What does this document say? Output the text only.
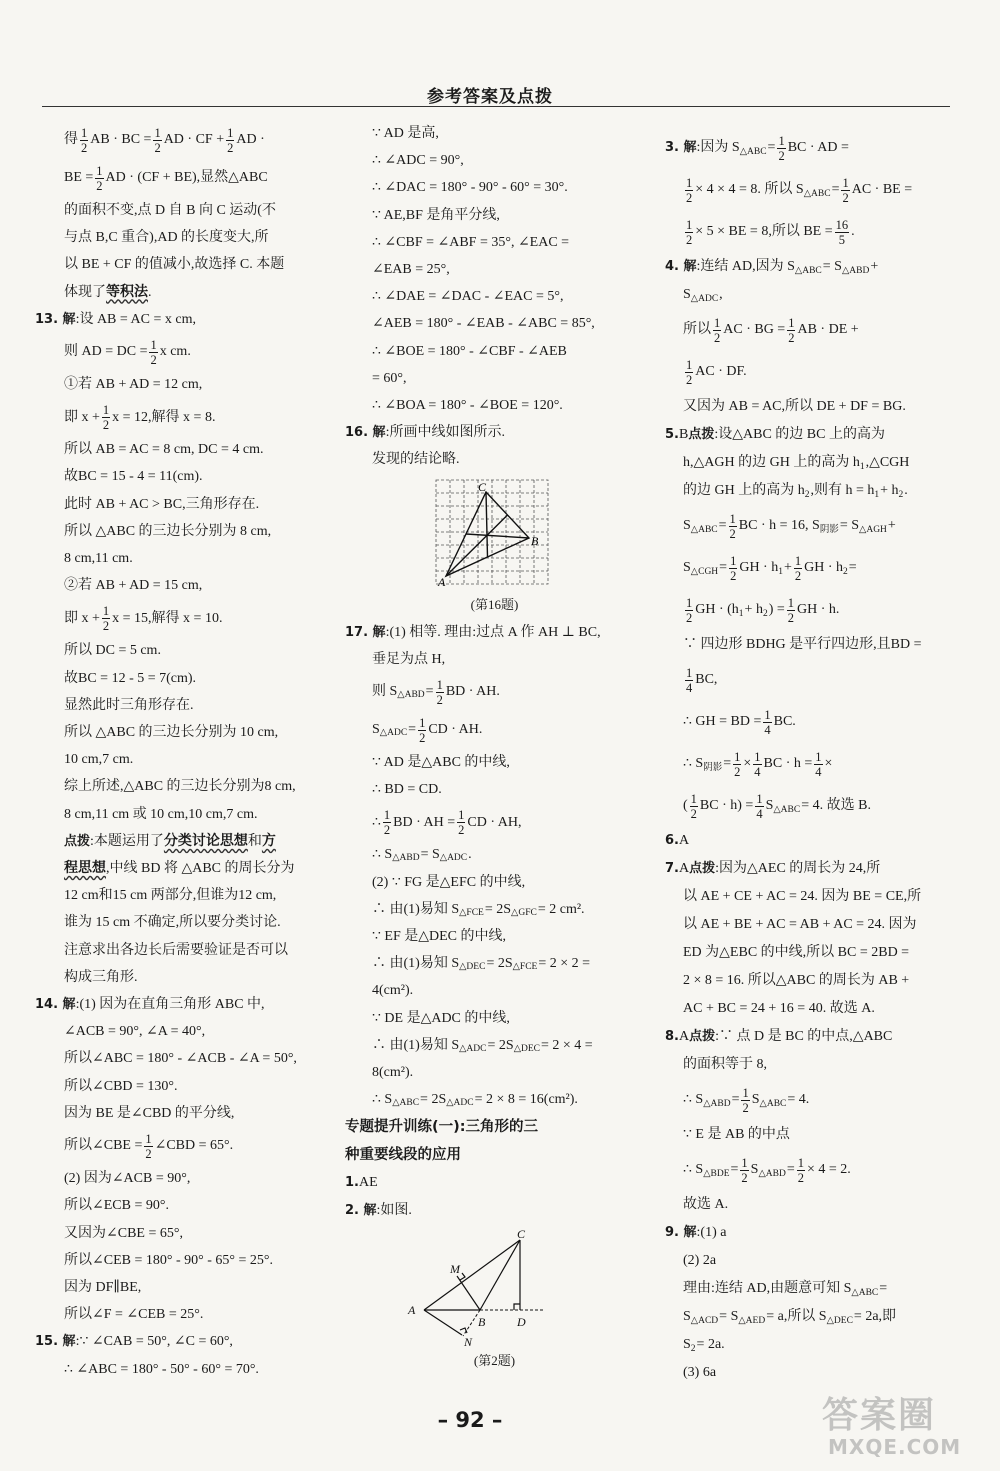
参考答案及点拨
得 $\frac{1}{2}$ AB · BC = $\frac{1}{2}$ AD · CF + $\frac{1}{2}$ AD ·
BE = $\frac{1}{2}$ AD · (CF + BE),显然△ABC
的面积不变,点 D 自 B 向 C 运动(不
与点 B,C 重合),AD 的长度变大,所
以 BE + CF 的值减小,故选择 C. 本题
体现了 等积法 .
13. 解 :设 AB = AC = x cm,
则 AD = DC = $\frac{1}{2}$ x cm.
①若 AB + AD = 12 cm,
即 $x + \frac{1}{2}$ x = 12,解得 x = 8.
所以 AB = AC = 8 cm, DC = 4 cm.
故BC = 15 - 4 = 11(cm).
此时 AB + AC > BC,三角形存在.
所以 △ABC 的三边长分别为 8 cm,
8 cm,11 cm.
②若 AB + AD = 15 cm,
即 $x + \frac{1}{2}$ x = 15,解得 x = 10.
所以 DC = 5 cm.
故BC = 12 - 5 = 7(cm).
显然此时三角形存在.
所以 △ABC 的三边长分别为 10 cm,
10 cm,7 cm.
综上所述,△ABC 的三边长分别为8 cm,
8 cm,11 cm 或 10 cm,10 cm,7 cm.
点拨 :本题运用了 分类讨论思想 和 方
程思想 ,中线 BD 将 △ABC 的周长分为
12 cm和15 cm 两部分,但谁为12 cm,
谁为 15 cm 不确定,所以要分类讨论.
注意求出各边长后需要验证是否可以
构成三角形.
14. 解 :(1) 因为在直角三角形 ABC 中,
∠ACB = 90°, ∠A = 40°,
所以∠ABC = 180° - ∠ACB - ∠A = 50°,
所以∠CBD = 130°.
因为 BE 是∠CBD 的平分线,
所以∠CBE = $\frac{1}{2}$ ∠CBD = 65°.
(2) 因为∠ACB = 90°,
所以∠ECB = 90°.
又因为∠CBE = 65°,
所以∠CEB = 180° - 90° - 65° = 25°.
因为 DF∥BE,
所以∠F = ∠CEB = 25°.
15. 解 :∵ ∠CAB = 50°, ∠C = 60°,
∴ ∠ABC = 180° - 50° - 60° = 70°.
∵ AD 是高,
∴ ∠ADC = 90°,
∴ ∠DAC = 180° - 90° - 60° = 30°.
∵ AE,BF 是角平分线,
∴ ∠CBF = ∠ABF = 35°, ∠EAC =
∠EAB = 25°,
∴ ∠DAE = ∠DAC - ∠EAC = 5°,
∠AEB = 180° - ∠EAB - ∠ABC = 85°,
∴ ∠BOE = 180° - ∠CBF - ∠AEB
= 60°,
∴ ∠BOA = 180° - ∠BOE = 120°.
16. 解 :所画中线如图所示.
发现的结论略.
C
B
A
(第16题)
17. 解 :(1) 相等. 理由:过点 A 作 AH ⊥ BC,
垂足为点 H,
则 S △ABD = $\frac{1}{2}$ BD · AH.
S △ADC = $\frac{1}{2}$ CD · AH.
∵ AD 是△ABC 的中线,
∴ BD = CD.
∴ $\frac{1}{2}$ BD · AH = $\frac{1}{2}$ CD · AH,
∴ S △ABD = S △ADC .
(2) ∵ FG 是△EFC 的中线,
∴ 由(1)易知 S △FCE = 2S △GFC = 2 cm².
∵ EF 是△DEC 的中线,
∴ 由(1)易知 S △DEC = 2S △FCE = 2 × 2 =
4(cm²).
∵ DE 是△ADC 的中线,
∴ 由(1)易知 S △ADC = 2S △DEC = 2 × 4 =
8(cm²).
∴ S △ABC = 2S △ADC = 2 × 8 = 16(cm²).
专题提升训练(一):三角形的三
种重要线段的应用
1. AE
2. 解 :如图.
C
A
B	D
M
N
(第2题)
3. 解 :因为 S △ABC = $\frac{1}{2}$ BC · AD =
$\frac{1}{2} \times 4 \times 4 = 8$. 所以 S △ABC = $\frac{1}{2}$ AC · BE =
$\frac{1}{2} \times 5$ × BE = 8,所以 BE = $\frac{16}{5}$ .
4. 解 :连结 AD,因为 S △ABC = S △ABD +
S △ADC ,
所以 $\frac{1}{2}$ AC · BG = $\frac{1}{2}$ AB · DE +
$\frac{1}{2}$ AC · DF.
又因为 AB = AC,所以 DE + DF = BG.
5. B 点拨 :设△ABC 的边 BC 上的高为
h,△AGH 的边 GH 上的高为 h 1 ,△CGH
的边 GH 上的高为 h 2 ,则有 h = h 1 + h 2 .
S △ABC = $\frac{1}{2}$ BC · h = 16, S 阴影 = S △AGH +
S △CGH = $\frac{1}{2}$ GH · h $1 + \frac{1}{2}$ GH · h 2 =
$\frac{1}{2}$ GH · (h 1 + h 2 ) = $\frac{1}{2}$ GH · h.
∵ 四边形 BDHG 是平行四边形,且BD =
$\frac{1}{4}$ BC,
∴ GH = BD = $\frac{1}{4}$ BC.
∴ S 阴影 = $\frac{1}{2} \times \frac{1}{4}$ BC · $h = \frac{1}{4}$ ×
( $\frac{1}{2}$ BC · $h) = \frac{1}{4}$ S △ABC = 4. 故选 B.
6. A
7. A 点拨 :因为△AEC 的周长为 24,所
以 AE + CE + AC = 24. 因为 BE = CE,所
以 AE + BE + AC = AB + AC = 24. 因为
ED 为△EBC 的中线,所以 BC = 2BD =
2 × 8 = 16. 所以△ABC 的周长为 AB +
AC + BC = 24 + 16 = 40. 故选 A.
8. A 点拨 :∵ 点 D 是 BC 的中点,△ABC
的面积等于 8,
∴ S △ABD = $\frac{1}{2}$ S △ABC = 4.
∵ E 是 AB 的中点
∴ S △BDE = $\frac{1}{2}$ S △ABD = $\frac{1}{2} \times 4 = 2$.
故选 A.
9. 解 :(1) a
(2) 2a
理由:连结 AD,由题意可知 S △ABC =
S △ACD = S △AED = a,所以 S △DEC = 2a,即
S 2 = 2a.
(3) 6a
– 92 –	答案圈
MXQE.COM
